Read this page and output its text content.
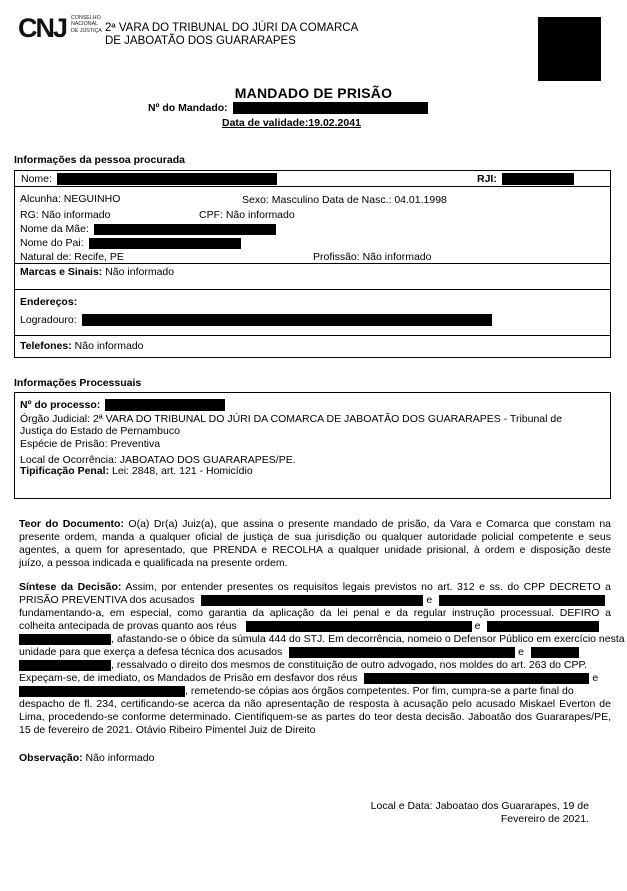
CNJ CONSELHO
NACIONAL
DE JUSTIÇA 2ª VARA DO TRIBUNAL DO JÚRI DA COMARCA
DE JABOATÃO DOS GUARARAPES
MANDADO DE PRISÃO
Nº do Mandado:
Data de validade:19.02.2041
Informações da pessoa procurada
Nome:	RJI:
Alcunha: NEGUINHO	Sexo: Masculino Data de Nasc.: 04.01.1998
RG: Não informado	CPF: Não informado
Nome da Mãe:
Nome do Pai:
Natural de: Recife, PE	Profissão: Não informado
Marcas e Sinais: Não informado
Endereços:
Logradouro:
Telefones: Não informado
Informações Processuais
Nº do processo:
Órgão Judicial: 2ª VARA DO TRIBUNAL DO JÚRI DA COMARCA DE JABOATÃO DOS GUARARAPES - Tribunal de
Justiça do Estado de Pernambuco
Espécie de Prisão: Preventiva
Local de Ocorrência: JABOATAO DOS GUARARAPES/PE.
Tipificação Penal: Lei: 2848, art. 121 - Homicídio
Teor do Documento: O(a) Dr(a) Juiz(a), que assina o presente mandado de prisão, da Vara e Comarca que constam na
presente ordem, manda a qualquer oficial de justiça de sua jurisdição ou qualquer autoridade policial competente e seus
agentes, a quem for apresentado, que PRENDA e RECOLHA a qualquer unidade prisional, à ordem e disposição deste
juízo, a pessoa indicada e qualificada na presente ordem.
Síntese da Decisão: Assim, por entender presentes os requisitos legais previstos no art. 312 e ss. do CPP DECRETO a
PRISÃO PREVENTIVA dos acusados	e
fundamentando-a, em especial, como garantia da aplicação da lei penal e da regular instrução processual. DEFIRO a
colheita antecipada de provas quanto aos réus	e
, afastando-se o óbice da súmula 444 do STJ. Em decorrência, nomeio o Defensor Público em exercício nesta
unidade para que exerça a defesa técnica dos acusados	e
, ressalvado o direito dos mesmos de constituição de outro advogado, nos moldes do art. 263 do CPP.
Expeçam-se, de imediato, os Mandados de Prisão em desfavor dos réus	e
, remetendo-se cópias aos órgãos competentes. Por fim, cumpra-se a parte final do
despacho de fl. 234, certificando-se acerca da não apresentação de resposta à acusação pelo acusado Miskael Everton de
Lima, procedendo-se conforme determinado. Cientifiquem-se as partes do teor desta decisão. Jaboatão dos Guararapes/PE,
15 de fevereiro de 2021. Otávio Ribeiro Pimentel Juiz de Direito
Observação: Não informado
Local e Data: Jaboatao dos Guararapes, 19 de
Fevereiro de 2021.
